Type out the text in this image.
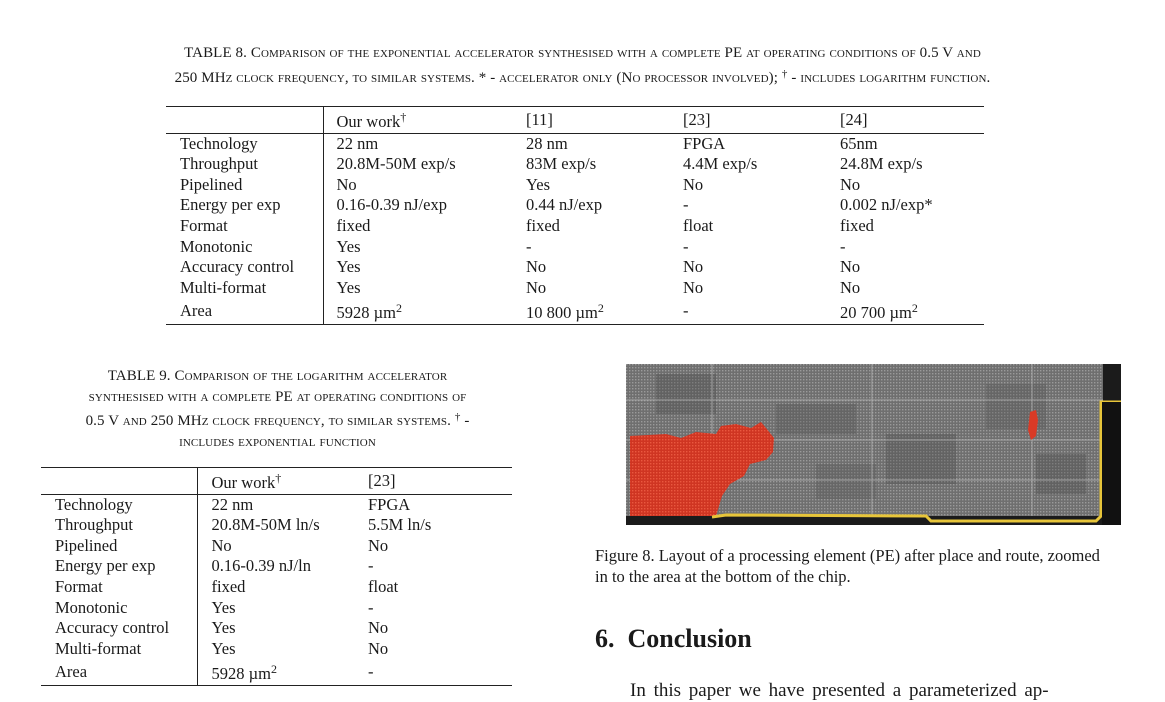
TABLE 8. Comparison of the exponential accelerator synthesised with a complete PE at operating conditions of 0.5 V and
250 MHz clock frequency, to similar systems. * - accelerator only (No processor involved); † - includes logarithm function.
	Our work†	[11]	[23]	[24]
Technology	22 nm	28 nm	FPGA	65nm
Throughput	20.8M-50M exp/s	83M exp/s	4.4M exp/s	24.8M exp/s
Pipelined	No	Yes	No	No
Energy per exp	0.16-0.39 nJ/exp	0.44 nJ/exp	-	0.002 nJ/exp*
Format	fixed	fixed	float	fixed
Monotonic	Yes	-	-	-
Accuracy control	Yes	No	No	No
Multi-format	Yes	No	No	No
Area	5928 µm$^2$	10 800 µm$^2$	-	20 700 µm$^2$
TABLE 9. Comparison of the logarithm accelerator
synthesised with a complete PE at operating conditions of
0.5 V and 250 MHz clock frequency, to similar systems. † -
includes exponential function
	Our work†	[23]
Technology	22 nm	FPGA
Throughput	20.8M-50M ln/s	5.5M ln/s
Pipelined	No	No
Energy per exp	0.16-0.39 nJ/ln	-
Format	fixed	float
Monotonic	Yes	-
Accuracy control	Yes	No
Multi-format	Yes	No
Area	5928 µm$^2$	-
Figure 8. Layout of a processing element (PE) after place and route, zoomed
in to the area at the bottom of the chip.
6. Conclusion
In this paper we have presented a parameterized ap-
